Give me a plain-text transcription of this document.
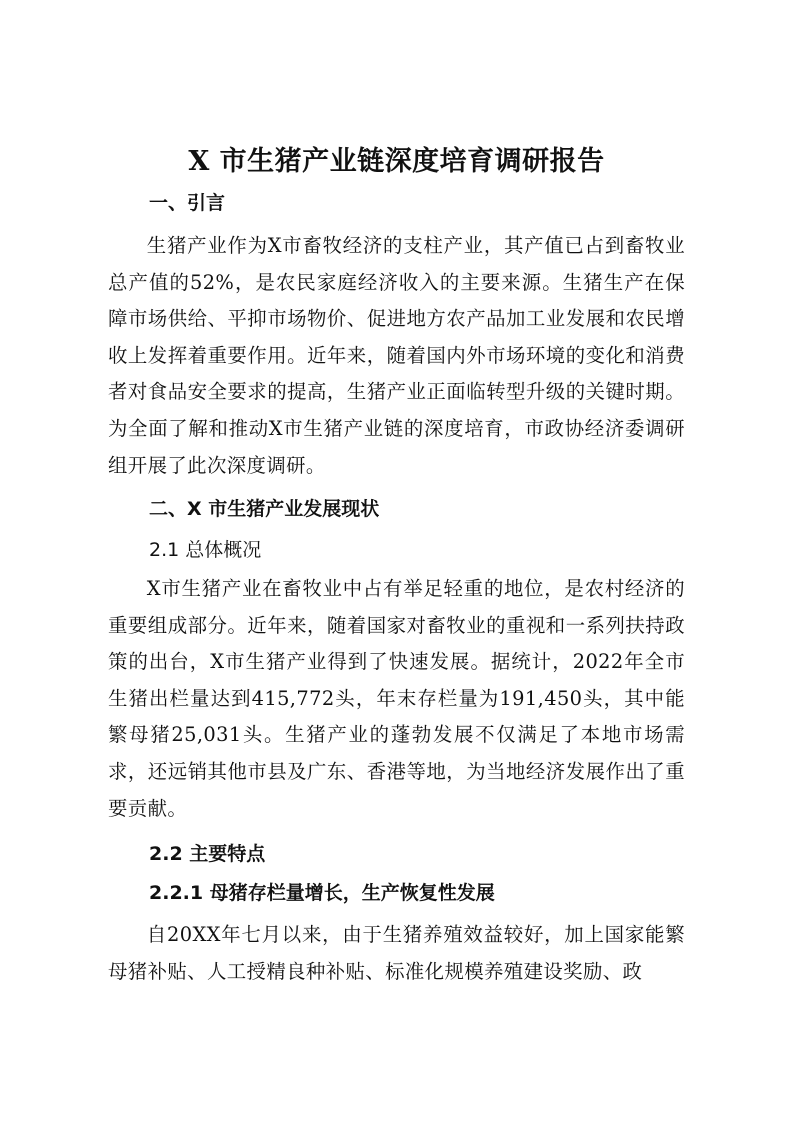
X 市生猪产业链深度培育调研报告
一、引言

生猪产业作为X市畜牧经济的支柱产业，其产值已占到畜牧业总产值的52%，是农民家庭经济收入的主要来源。生猪生产在保障市场供给、平抑市场物价、促进地方农产品加工业发展和农民增收上发挥着重要作用。近年来，随着国内外市场环境的变化和消费者对食品安全要求的提高，生猪产业正面临转型升级的关键时期。为全面了解和推动X市生猪产业链的深度培育，市政协经济委调研组开展了此次深度调研。

二、X 市生猪产业发展现状
2.1 总体概况

X市生猪产业在畜牧业中占有举足轻重的地位，是农村经济的重要组成部分。近年来，随着国家对畜牧业的重视和一系列扶持政策的出台，X市生猪产业得到了快速发展。据统计，2022年全市生猪出栏量达到415,772头，年末存栏量为191,450头，其中能繁母猪25,031头。生猪产业的蓬勃发展不仅满足了本地市场需求，还远销其他市县及广东、香港等地，为当地经济发展作出了重要贡献。

2.2 主要特点
2.2.1 母猪存栏量增长，生产恢复性发展

自20XX年七月以来，由于生猪养殖效益较好，加上国家能繁母猪补贴、人工授精良种补贴、标准化规模养殖建设奖励、政
